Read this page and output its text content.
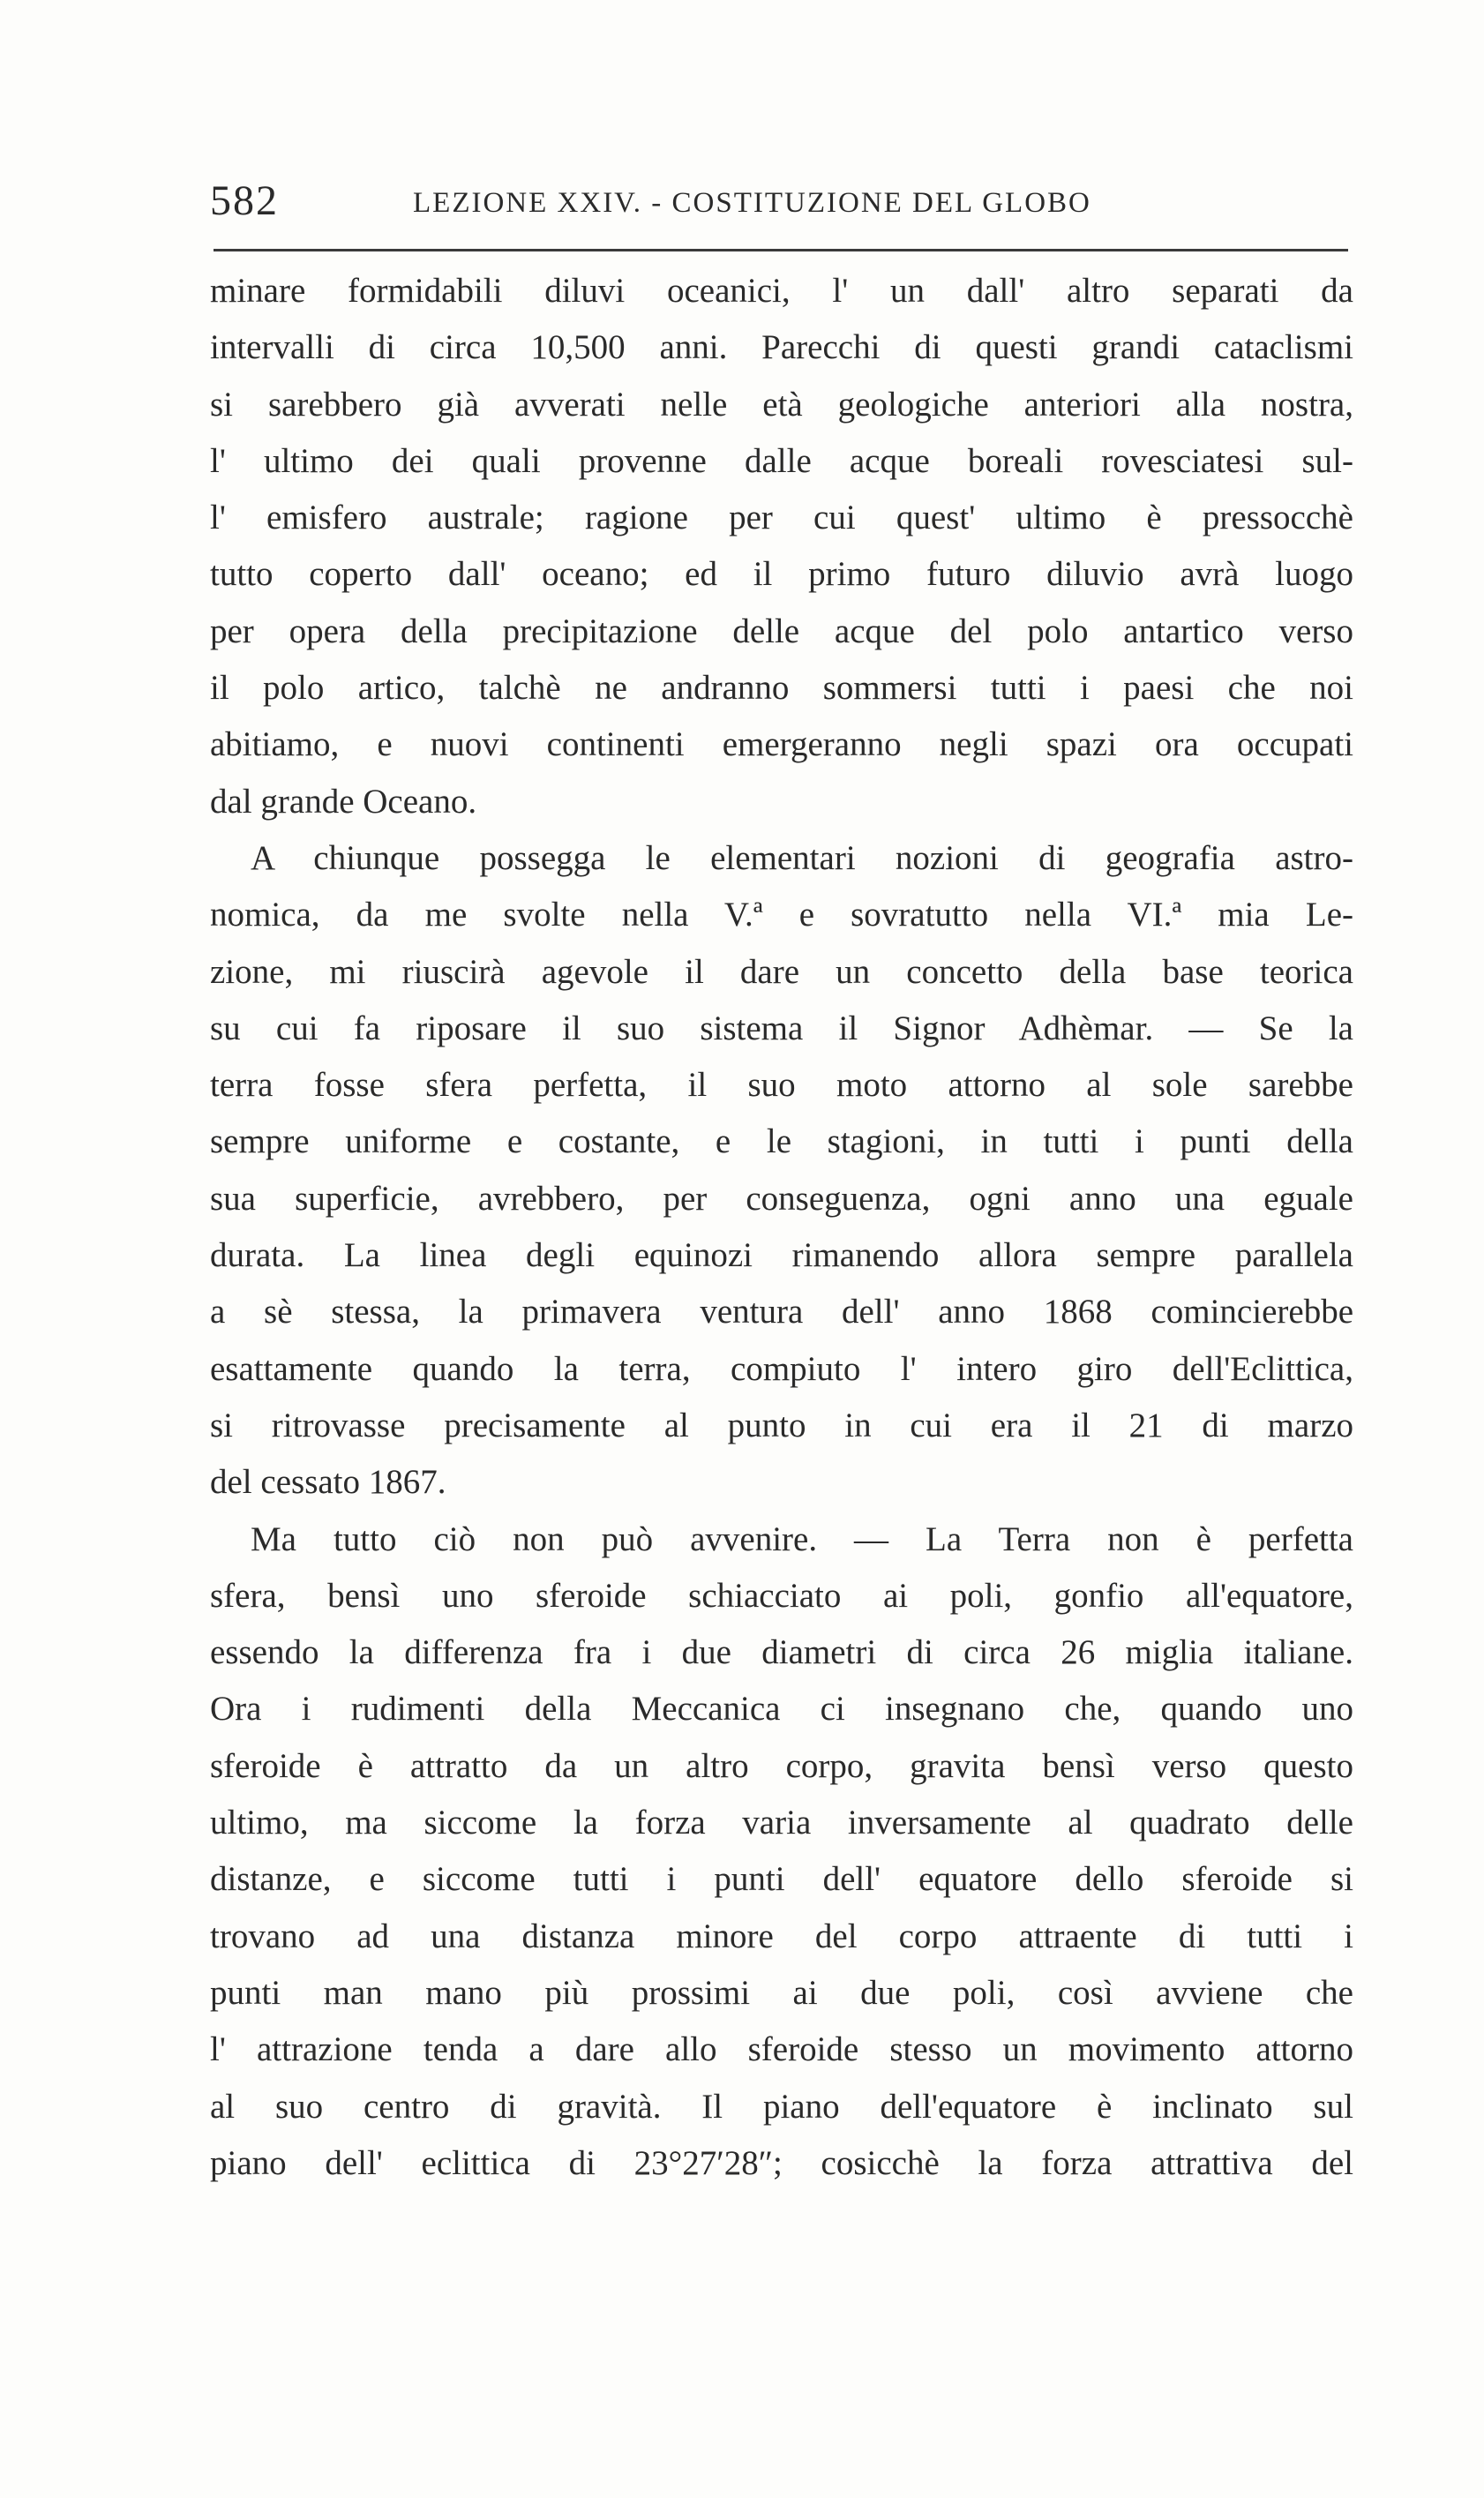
582	LEZIONE XXIV. - COSTITUZIONE DEL GLOBO
minare formidabili diluvi oceanici, l' un dall' altro separati da
intervalli di circa 10,500 anni. Parecchi di questi grandi cataclismi
si sarebbero già avverati nelle età geologiche anteriori alla nostra,
l' ultimo dei quali provenne dalle acque boreali rovesciatesi sul-
l' emisfero australe; ragione per cui quest' ultimo è pressocchè
tutto coperto dall' oceano; ed il primo futuro diluvio avrà luogo
per opera della precipitazione delle acque del polo antartico verso
il polo artico, talchè ne andranno sommersi tutti i paesi che noi
abitiamo, e nuovi continenti emergeranno negli spazi ora occupati
dal grande Oceano.
A chiunque possegga le elementari nozioni di geografia astro-
nomica, da me svolte nella V.ª e sovratutto nella VI.ª mia Le-
zione, mi riuscirà agevole il dare un concetto della base teorica
su cui fa riposare il suo sistema il Signor Adhèmar. — Se la
terra fosse sfera perfetta, il suo moto attorno al sole sarebbe
sempre uniforme e costante, e le stagioni, in tutti i punti della
sua superficie, avrebbero, per conseguenza, ogni anno una eguale
durata. La linea degli equinozi rimanendo allora sempre parallela
a sè stessa, la primavera ventura dell' anno 1868 comincierebbe
esattamente quando la terra, compiuto l' intero giro dell'Eclittica,
si ritrovasse precisamente al punto in cui era il 21 di marzo
del cessato 1867.
Ma tutto ciò non può avvenire. — La Terra non è perfetta
sfera, bensì uno sferoide schiacciato ai poli, gonfio all'equatore,
essendo la differenza fra i due diametri di circa 26 miglia italiane.
Ora i rudimenti della Meccanica ci insegnano che, quando uno
sferoide è attratto da un altro corpo, gravita bensì verso questo
ultimo, ma siccome la forza varia inversamente al quadrato delle
distanze, e siccome tutti i punti dell' equatore dello sferoide si
trovano ad una distanza minore del corpo attraente di tutti i
punti man mano più prossimi ai due poli, così avviene che
l' attrazione tenda a dare allo sferoide stesso un movimento attorno
al suo centro di gravità. Il piano dell'equatore è inclinato sul
piano dell' eclittica di 23°27′28″; cosicchè la forza attrattiva del
